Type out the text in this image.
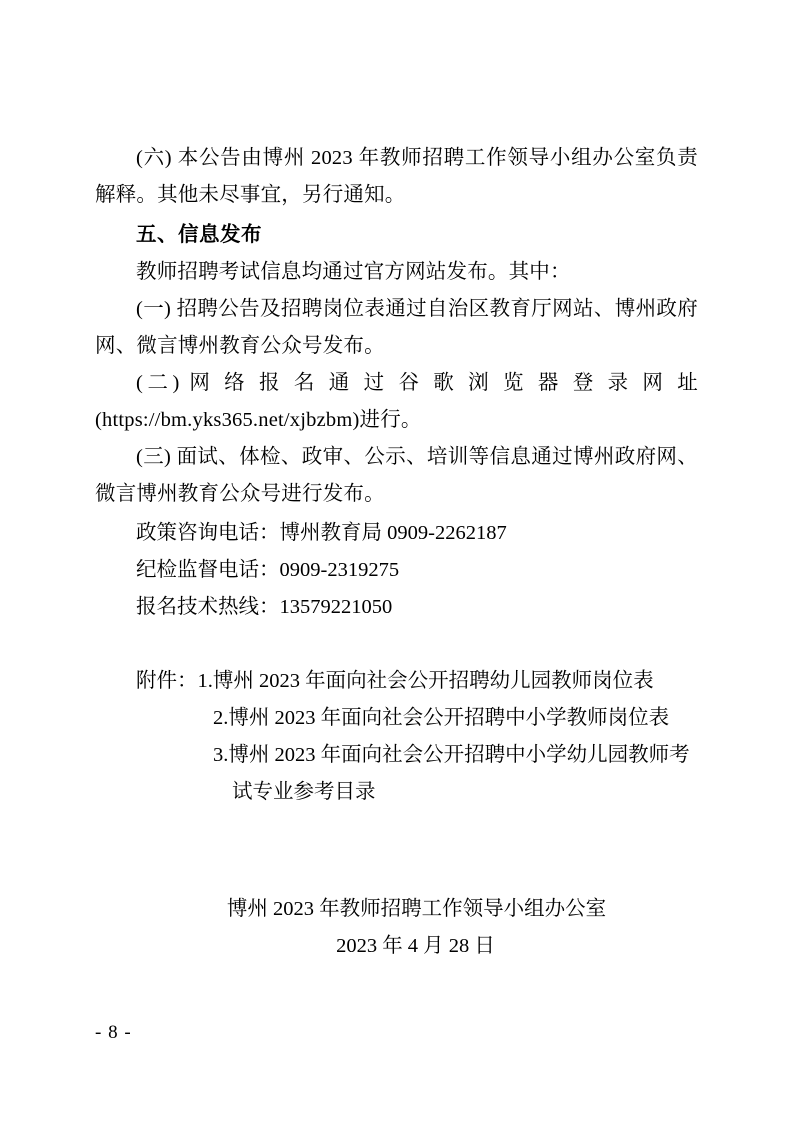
(六) 本公告由博州 2023 年教师招聘工作领导小组办公室负责解释。其他未尽事宜，另行通知。

五、信息发布

教师招聘考试信息均通过官方网站发布。其中：

(一) 招聘公告及招聘岗位表通过自治区教育厅网站、博州政府网、微言博州教育公众号发布。

(二) 网 络 报 名 通 过 谷 歌 浏 览 器 登 录 网 址
(https://bm.yks365.net/xjbzbm)进行。

(三) 面试、体检、政审、公示、培训等信息通过博州政府网、微言博州教育公众号进行发布。

政策咨询电话：博州教育局 0909-2262187

纪检监督电话：0909-2319275

报名技术热线：13579221050

附件：1.博州 2023 年面向社会公开招聘幼儿园教师岗位表

2.博州 2023 年面向社会公开招聘中小学教师岗位表

3.博州 2023 年面向社会公开招聘中小学幼儿园教师考

试专业参考目录

博州 2023 年教师招聘工作领导小组办公室
2023 年 4 月 28 日
- 8 -
